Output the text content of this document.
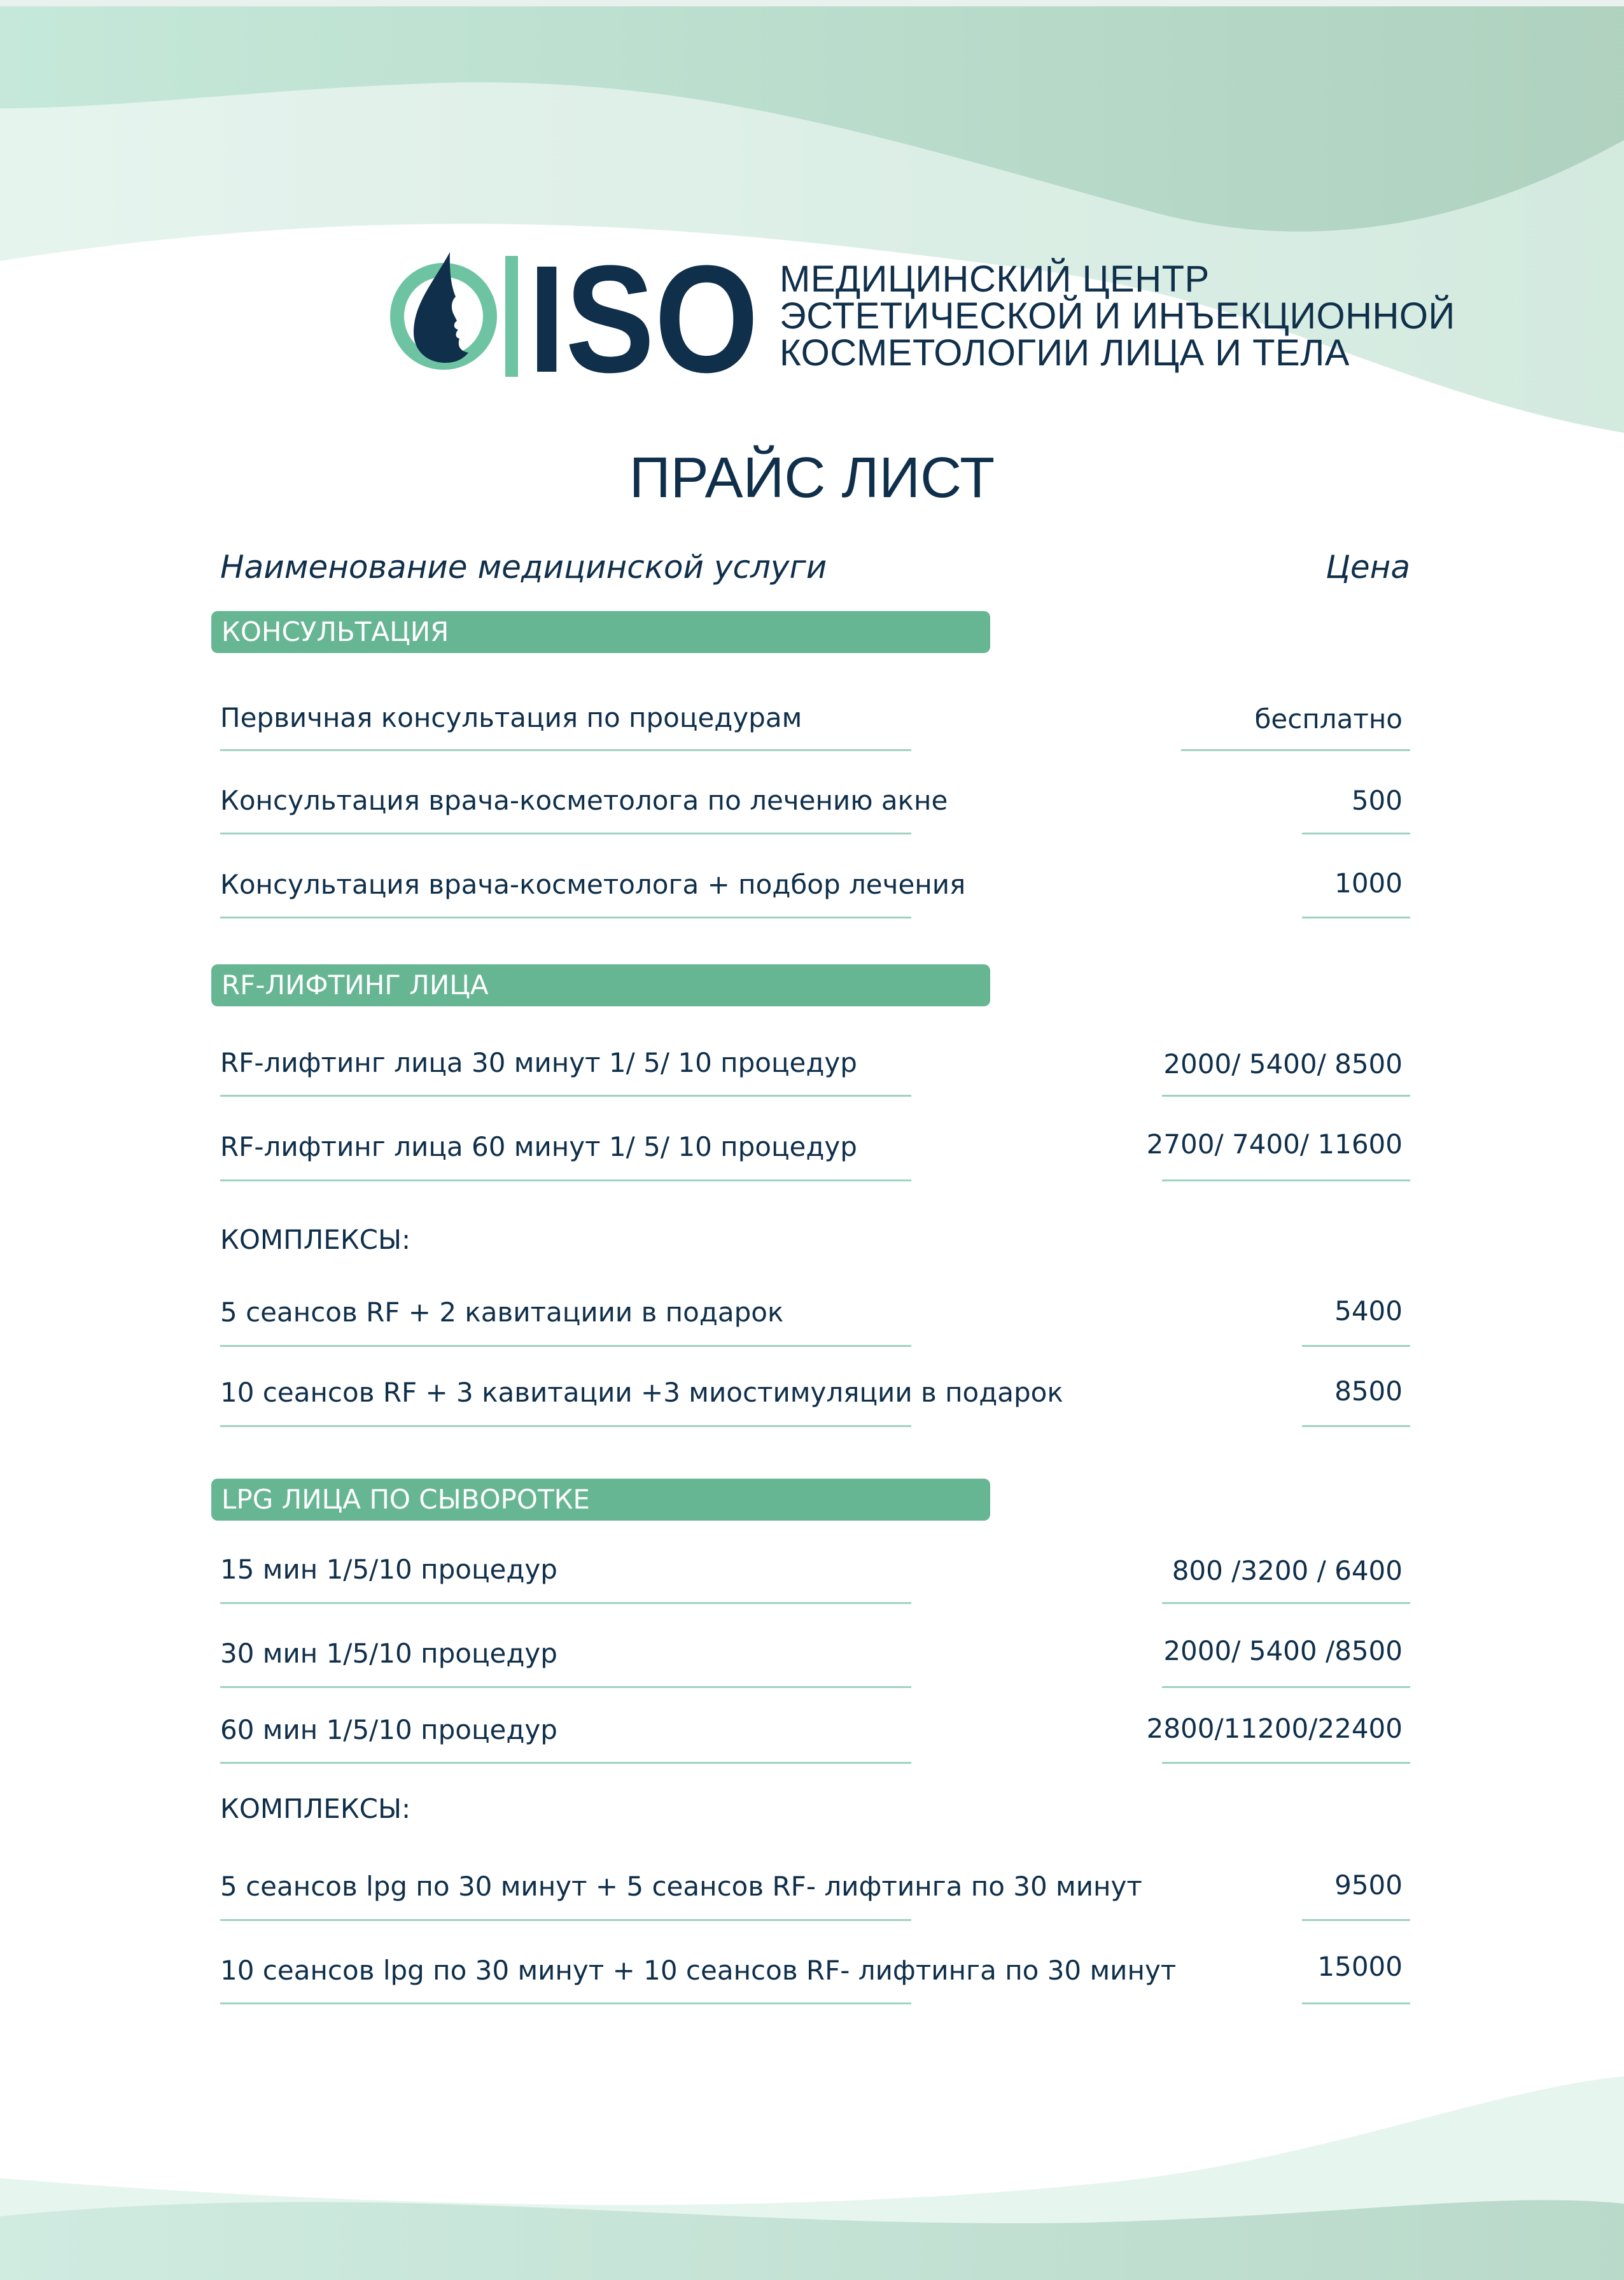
ISO МЕДИЦИНСКИЙ ЦЕНТР
ЭСТЕТИЧЕСКОЙ И ИНЪЕКЦИОННОЙ
КОСМЕТОЛОГИИ ЛИЦА И ТЕЛА
ПРАЙС ЛИСТ
Наименование медицинской услуги	Цена
КОНСУЛЬТАЦИЯ
Первичная консультация по процедурам	бесплатно
Консультация врача-косметолога по лечению акне	500
Консультация врача-косметолога + подбор лечения	1000
RF-ЛИФТИНГ ЛИЦА
RF-лифтинг лица 30 минут 1/ 5/ 10 процедур	2000/ 5400/ 8500
RF-лифтинг лица 60 минут 1/ 5/ 10 процедур	2700/ 7400/ 11600
КОМПЛЕКСЫ:
5 сеансов RF + 2 кавитациии в подарок	5400
10 сеансов RF + 3 кавитации +3 миостимуляции в подарок	8500
LPG ЛИЦА ПО СЫВОРОТКЕ
15 мин 1/5/10 процедур	800 /3200 / 6400
30 мин 1/5/10 процедур	2000/ 5400 /8500
60 мин 1/5/10 процедур	2800/11200/22400
КОМПЛЕКСЫ:
5 сеансов lpg по 30 минут + 5 сеансов RF- лифтинга по 30 минут	9500
10 сеансов lpg по 30 минут + 10 сеансов RF- лифтинга по 30 минут	15000
